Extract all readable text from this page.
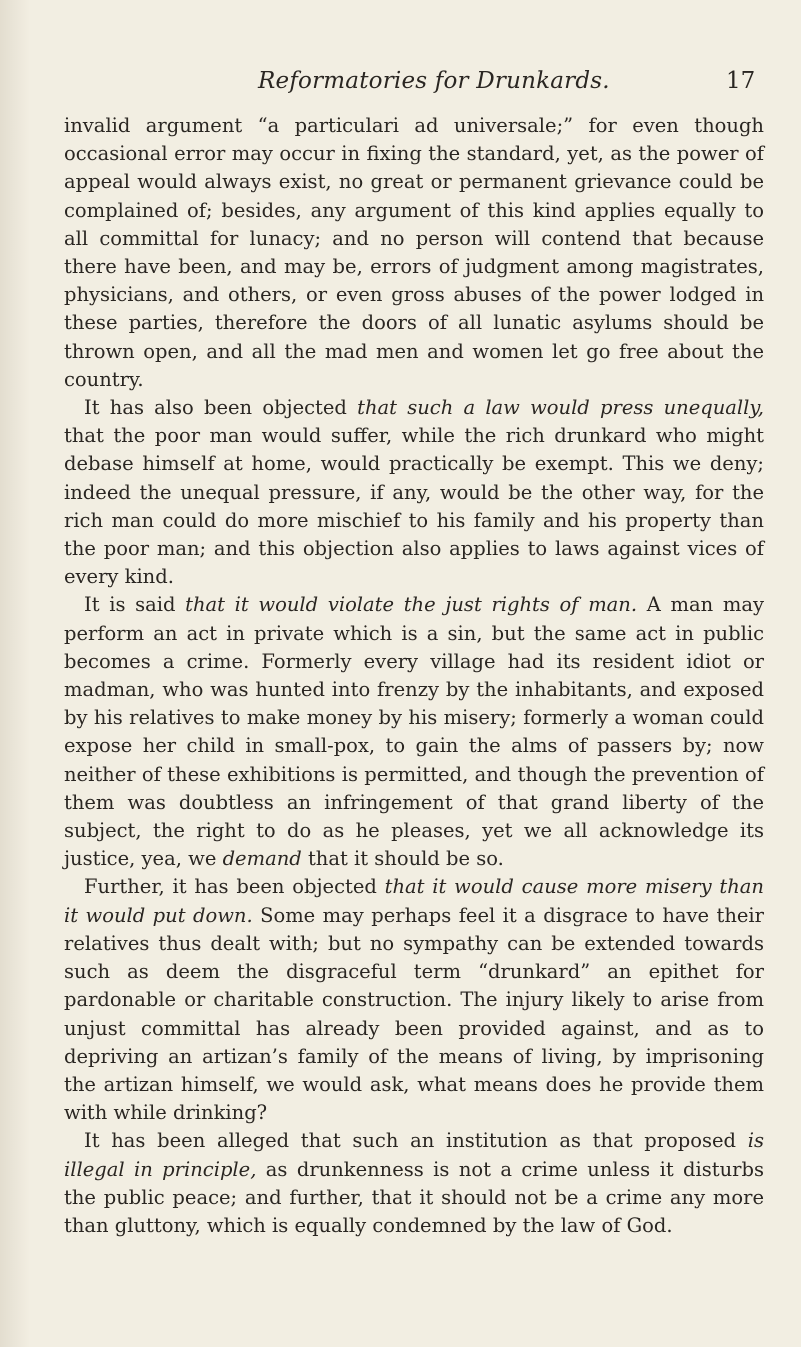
Reformatories for Drunkards.	17

invalid argument “a particulari ad universale;” for even though occasional error may occur in fixing the standard, yet, as the power of appeal would always exist, no great or permanent grievance could be complained of; besides, any argument of this kind applies equally to all committal for lunacy; and no person will contend that because there have been, and may be, errors of judgment among magistrates, physicians, and others, or even gross abuses of the power lodged in these parties, therefore the doors of all lunatic asylums should be thrown open, and all the mad men and women let go free about the country.

It has also been objected that such a law would press unequally, that the poor man would suffer, while the rich drunkard who might debase himself at home, would practically be exempt. This we deny; indeed the unequal pressure, if any, would be the other way, for the rich man could do more mischief to his family and his property than the poor man; and this objection also applies to laws against vices of every kind.

It is said that it would violate the just rights of man. A man may perform an act in private which is a sin, but the same act in public becomes a crime. Formerly every village had its resident idiot or madman, who was hunted into frenzy by the inhabitants, and exposed by his relatives to make money by his misery; formerly a woman could expose her child in small-pox, to gain the alms of passers by; now neither of these exhibitions is permitted, and though the prevention of them was doubtless an infringement of that grand liberty of the subject, the right to do as he pleases, yet we all acknowledge its justice, yea, we demand that it should be so.

Further, it has been objected that it would cause more misery than it would put down. Some may perhaps feel it a disgrace to have their relatives thus dealt with; but no sympathy can be extended towards such as deem the disgraceful term “drunkard” an epithet for pardonable or charitable construction. The injury likely to arise from unjust committal has already been provided against, and as to depriving an artizan’s family of the means of living, by imprisoning the artizan himself, we would ask, what means does he provide them with while drinking?

It has been alleged that such an institution as that proposed is illegal in principle, as drunkenness is not a crime unless it disturbs the public peace; and further, that it should not be a crime any more than gluttony, which is equally condemned by the law of God.
